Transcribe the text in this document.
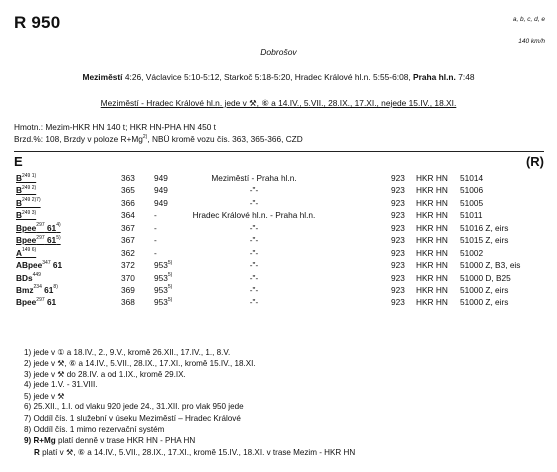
R 950	a, b, c, d, e
140 km/h
Dobrošov
Meziměstí 4:26, Václavice 5:10-5:12, Starkoč 5:18-5:20, Hradec Králové hl.n. 5:55-6:08, Praha hl.n. 7:48
Meziměstí - Hradec Králové hl.n. jede v ⚒, ⑥ a 14.IV., 5.VII., 28.IX., 17.XI., nejede 15.IV., 18.XI.
Hmotn.: Mezim-HKR HN 140 t; HKR HN-PHA HN 450 t
Brzd.%: 108, Brzdy v poloze $R+Mg^{2)}$, NBÜ kromě vozu čís. 363, 365-366, CZD
E	(R)
$B^{249 1)}$	363 949	Meziměstí - Praha hl.n.	923 HKR HN 51014
$B^{249 2)}$	365 949	-"-	923 HKR HN 51006
$B^{249 2)7)}$	366 949	-"-	923 HKR HN 51005
$B^{249 3)}$	364 -	Hradec Králové hl.n. - Praha hl.n.	923 HKR HN 51011
Bpee$^{297}$ 61$^{4)}$	367 -	-"-	923 HKR HN 51016 Z, eirs
Bpee$^{297}$ 61$^{5)}$	367 -	-"-	923 HKR HN 51015 Z, eirs
$A^{149 6)}$	362 -	-"-	923 HKR HN 51002
ABpee$^{347}$ 61	372 953$^{5)}$	-"-	923 HKR HN 51000 Z, B3, eis
BDs$^{449}$	370 953$^{5)}$	-"-	923 HKR HN 51000 D, B25
Bmz$^{234}$ 61$^{8)}$	369 953$^{5)}$	-"-	923 HKR HN 51000 Z, eirs
Bpee$^{297}$ 61	368 953$^{5)}$	-"-	923 HKR HN 51000 Z, eirs
1) jede v ① a 18.IV., 2., 9.V., kromě 26.XII., 17.IV., 1., 8.V.
2) jede v ⚒, ⑥ a 14.IV., 5.VII., 28.IX., 17.XI., kromě 15.IV., 18.XI.
3) jede v ⚒ do 28.IV. a od 1.IX., kromě 29.IX.
4) jede 1.V. - 31.VIII.
5) jede v ⚒
6) 25.XII., 1.I. od vlaku 920 jede 24., 31.XII. pro vlak 950 jede
7) Oddíl čís. 1 služební v úseku Meziměstí – Hradec Králové
8) Oddíl čís. 1 mimo rezervační systém
9) R+Mg platí denně v trase HKR HN - PHA HN
R platí v ⚒, ⑥ a 14.IV., 5.VII., 28.IX., 17.XI., kromě 15.IV., 18.XI. v trase Mezim - HKR HN
